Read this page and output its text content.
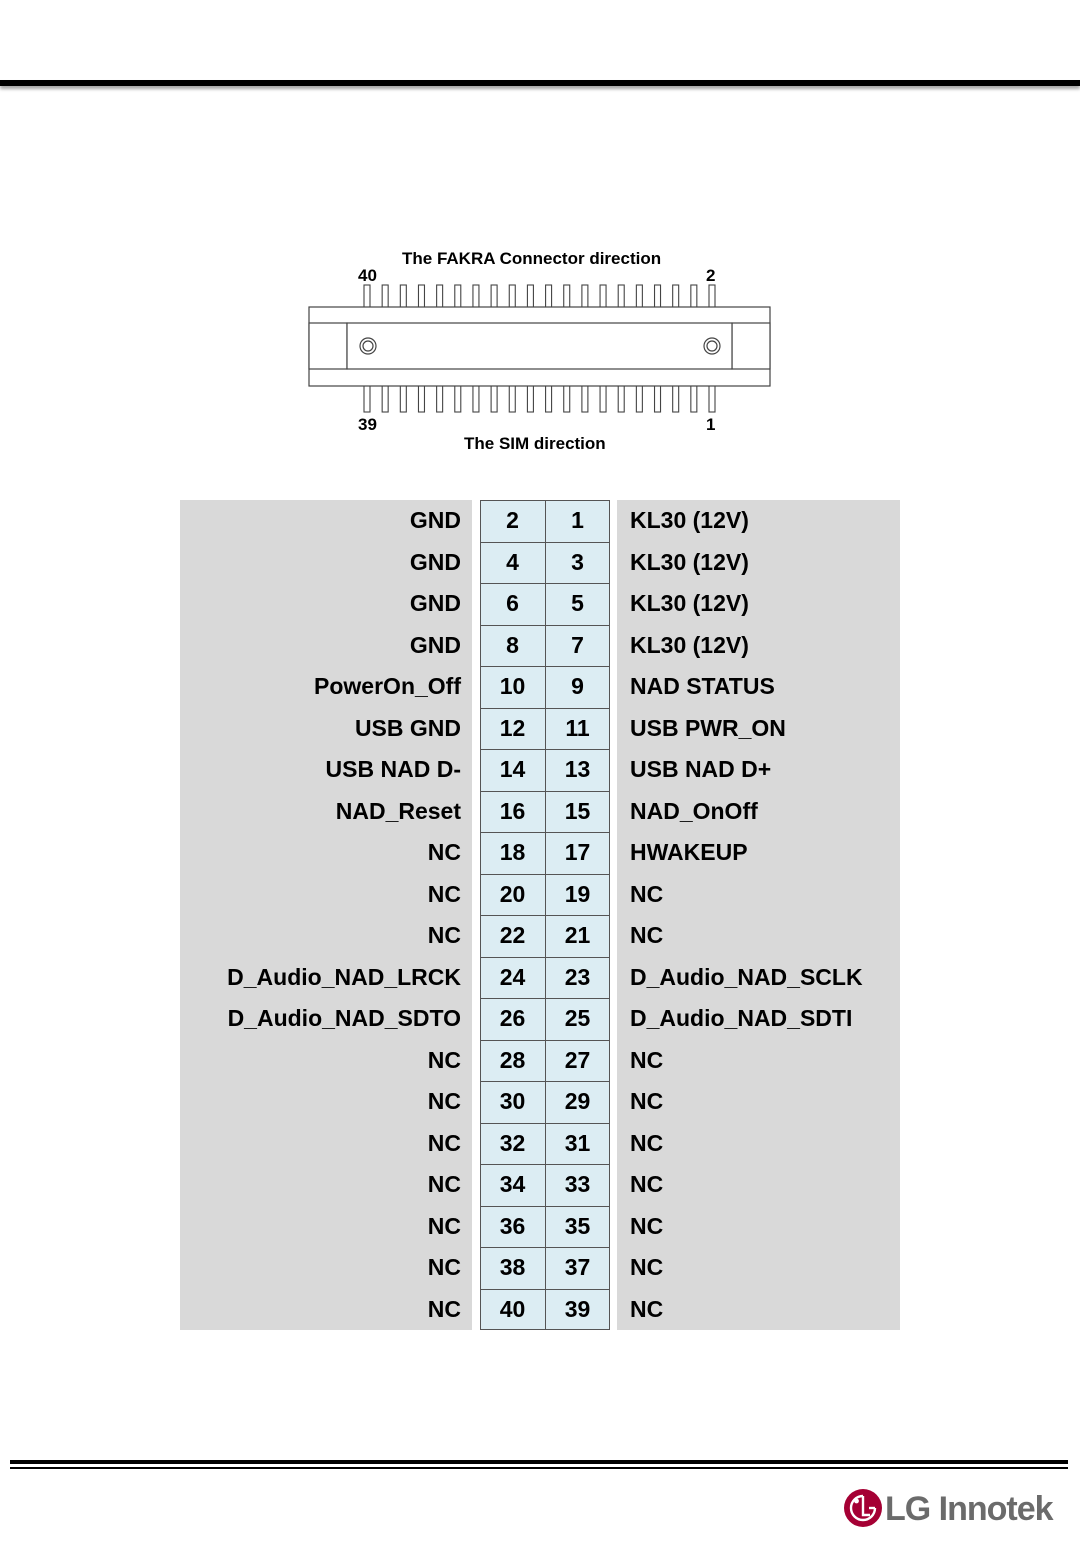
The FAKRA Connector direction
40	2
39	1
The SIM direction
GND	2	1	KL30 (12V)
GND	4	3	KL30 (12V)
GND	6	5	KL30 (12V)
GND	8	7	KL30 (12V)
PowerOn_Off	10	9	NAD STATUS
USB GND	12	11	USB PWR_ON
USB NAD D-	14	13	USB NAD D+
NAD_Reset	16	15	NAD_OnOff
NC	18	17	HWAKEUP
NC	20	19	NC
NC	22	21	NC
D_Audio_NAD_LRCK	24	23	D_Audio_NAD_SCLK
D_Audio_NAD_SDTO	26	25	D_Audio_NAD_SDTI
NC	28	27	NC
NC	30	29	NC
NC	32	31	NC
NC	34	33	NC
NC	36	35	NC
NC	38	37	NC
NC	40	39	NC
LG Innotek
